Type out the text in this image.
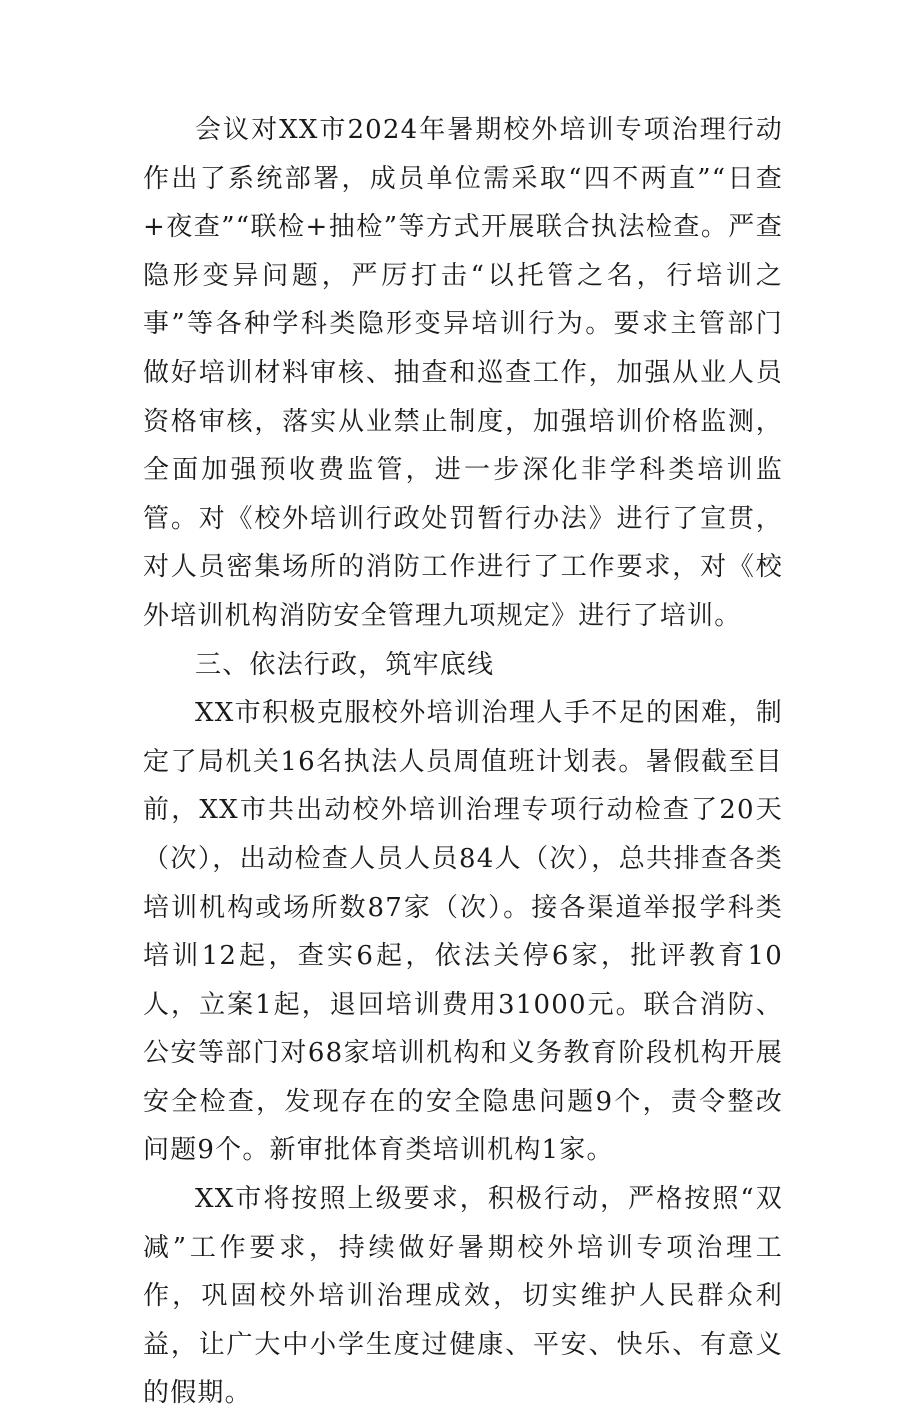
会议对XX市2024年暑期校外培训专项治理行动作出了系统部署，成员单位需采取“四不两直”“日查+夜查”“联检+抽检”等方式开展联合执法检查。严查隐形变异问题，严厉打击“以托管之名，行培训之事”等各种学科类隐形变异培训行为。要求主管部门做好培训材料审核、抽查和巡查工作，加强从业人员资格审核，落实从业禁止制度，加强培训价格监测，全面加强预收费监管，进一步深化非学科类培训监管。对《校外培训行政处罚暂行办法》进行了宣贯，对人员密集场所的消防工作进行了工作要求，对《校外培训机构消防安全管理九项规定》进行了培训。

三、依法行政，筑牢底线

XX市积极克服校外培训治理人手不足的困难，制定了局机关16名执法人员周值班计划表。暑假截至目前，XX市共出动校外培训治理专项行动检查了20天（次），出动检查人员人员84人（次），总共排查各类培训机构或场所数87家（次）。接各渠道举报学科类培训12起，查实6起，依法关停6家，批评教育10人，立案1起，退回培训费用31000元。联合消防、公安等部门对68家培训机构和义务教育阶段机构开展安全检查，发现存在的安全隐患问题9个，责令整改问题9个。新审批体育类培训机构1家。

XX市将按照上级要求，积极行动，严格按照“双减”工作要求，持续做好暑期校外培训专项治理工作，巩固校外培训治理成效，切实维护人民群众利益，让广大中小学生度过健康、平安、快乐、有意义的假期。
